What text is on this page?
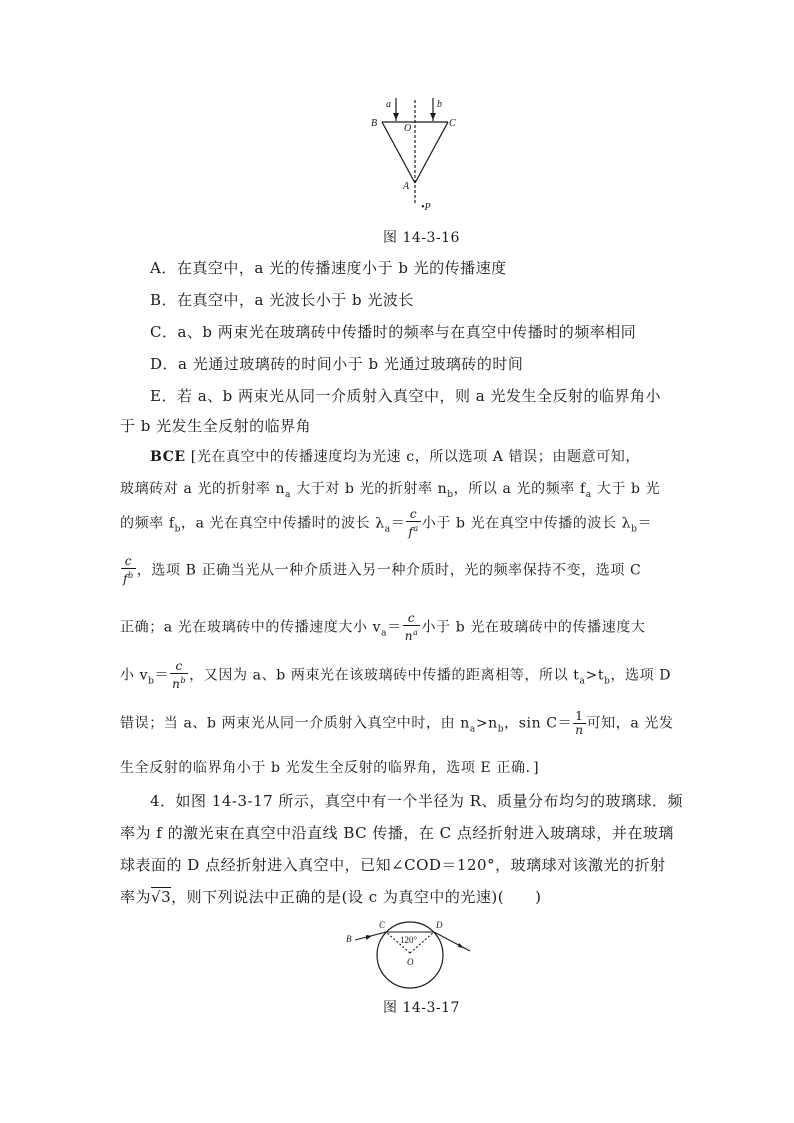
a	b
B	O	C
A
•P
图 14-3-16
A．在真空中，a 光的传播速度小于 b 光的传播速度
B．在真空中，a 光波长小于 b 光波长
C．a、b 两束光在玻璃砖中传播时的频率与在真空中传播时的频率相同
D．a 光通过玻璃砖的时间小于 b 光通过玻璃砖的时间
E．若 a、b 两束光从同一介质射入真空中，则 a 光发生全反射的临界角小
于 b 光发生全反射的临界角
BCE [光在真空中的传播速度均为光速 c，所以选项 A 错误；由题意可知，
玻璃砖对 a 光的折射率 $n_a$ 大于对 b 光的折射率 $n_b$，所以 a 光的频率 $f_a$ 大于 b 光
的频率 $f_b$，a 光在真空中传播时的波长 $\lambda_a= \frac{c}{f^a}$ 小于 b 光在真空中传播的波长 $\lambda_b=$
$\frac{c}{f^b}$ ，选项 B 正确当光从一种介质进入另一种介质时，光的频率保持不变，选项 C
正确；a 光在玻璃砖中的传播速度大小 $v_a= \frac{c}{n^a}$ 小于 b 光在玻璃砖中的传播速度大
小 $v_b= \frac{c}{n^b}$ ，又因为 a、b 两束光在该玻璃砖中传播的距离相等，所以 $t_a>t_b$，选项 D
错误；当 a、b 两束光从同一介质射入真空中时，由 $n_a>n_b$，$\sin C= \frac{1}{n}$ 可知，a 光发
生全反射的临界角小于 b 光发生全反射的临界角，选项 E 正确．]
4．如图 14-3-17 所示，真空中有一个半径为 R、质量分布均匀的玻璃球．频
率为 f 的激光束在真空中沿直线 BC 传播，在 C 点经折射进入玻璃球，并在玻璃
球表面的 D 点经折射进入真空中，已知∠COD＝120°，玻璃球对该激光的折射
率为√3，则下列说法中正确的是(设 c 为真空中的光速)(　　)
B
C	D
120°
O
图 14-3-17
